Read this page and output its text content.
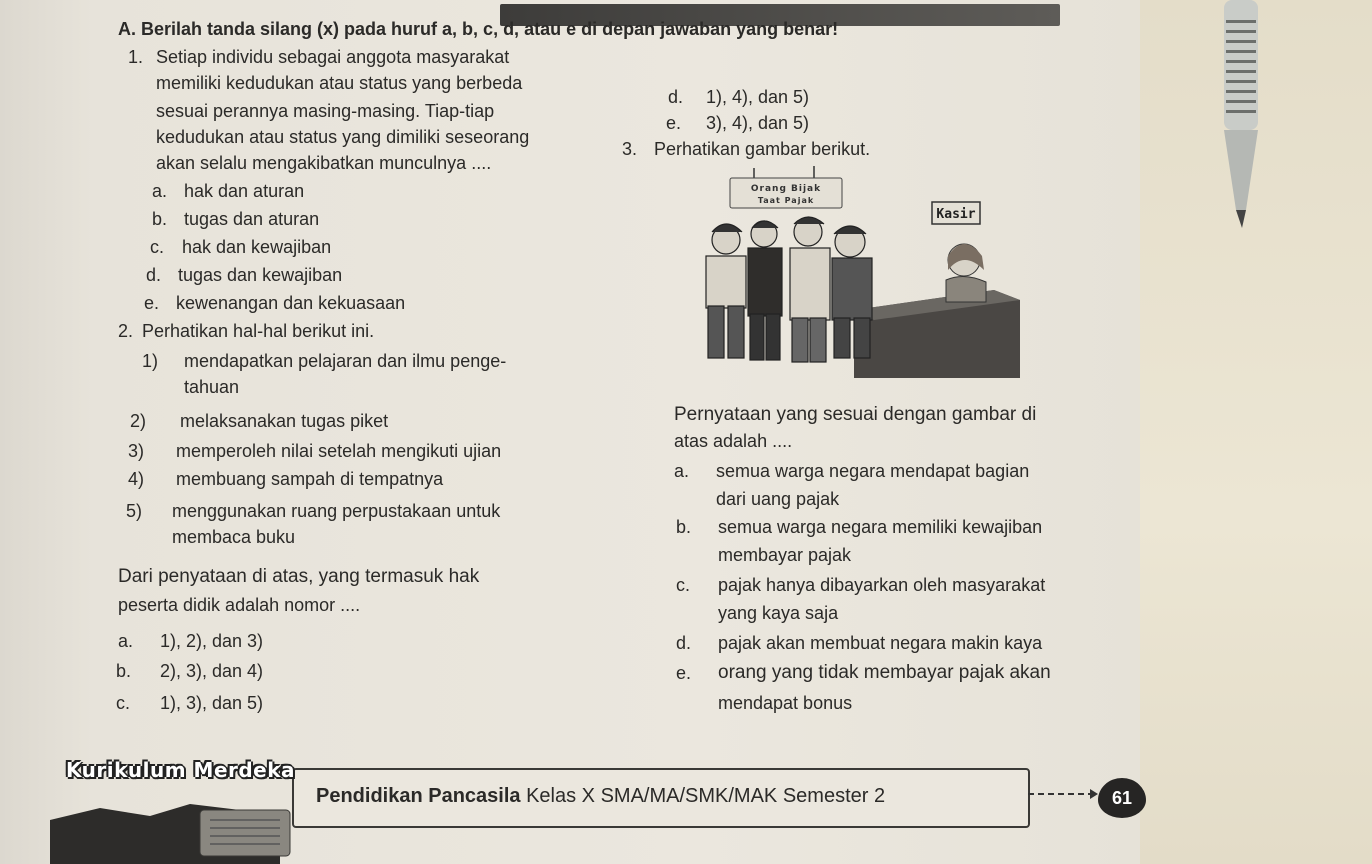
A. Berilah tanda silang (x) pada huruf a, b, c, d, atau e di depan jawaban yang benar!
1. Setiap individu sebagai anggota masyarakat
memiliki kedudukan atau status yang berbeda
sesuai perannya masing-masing. Tiap-tiap
kedudukan atau status yang dimiliki seseorang
akan selalu mengakibatkan munculnya ....
a. hak dan aturan
b. tugas dan aturan
c. hak dan kewajiban
d. tugas dan kewajiban
e. kewenangan dan kekuasaan
2. Perhatikan hal-hal berikut ini.
1) mendapatkan pelajaran dan ilmu penge-
tahuan
2) melaksanakan tugas piket
3) memperoleh nilai setelah mengikuti ujian
4) membuang sampah di tempatnya
5) menggunakan ruang perpustakaan untuk
membaca buku
Dari penyataan di atas, yang termasuk hak
peserta didik adalah nomor ....
a. 1), 2), dan 3)
b. 2), 3), dan 4)
c. 1), 3), dan 5)
d. 1), 4), dan 5)
e. 3), 4), dan 5)
3. Perhatikan gambar berikut.
Orang Bijak
Taat Pajak
Kasir
Pernyataan yang sesuai dengan gambar di
atas adalah ....
a. semua warga negara mendapat bagian
dari uang pajak
b. semua warga negara memiliki kewajiban
membayar pajak
c. pajak hanya dibayarkan oleh masyarakat
yang kaya saja
d. pajak akan membuat negara makin kaya
e. orang yang tidak membayar pajak akan
mendapat bonus
Kurikulum Merdeka
Pendidikan Pancasila Kelas X SMA/MA/SMK/MAK Semester 2	61
